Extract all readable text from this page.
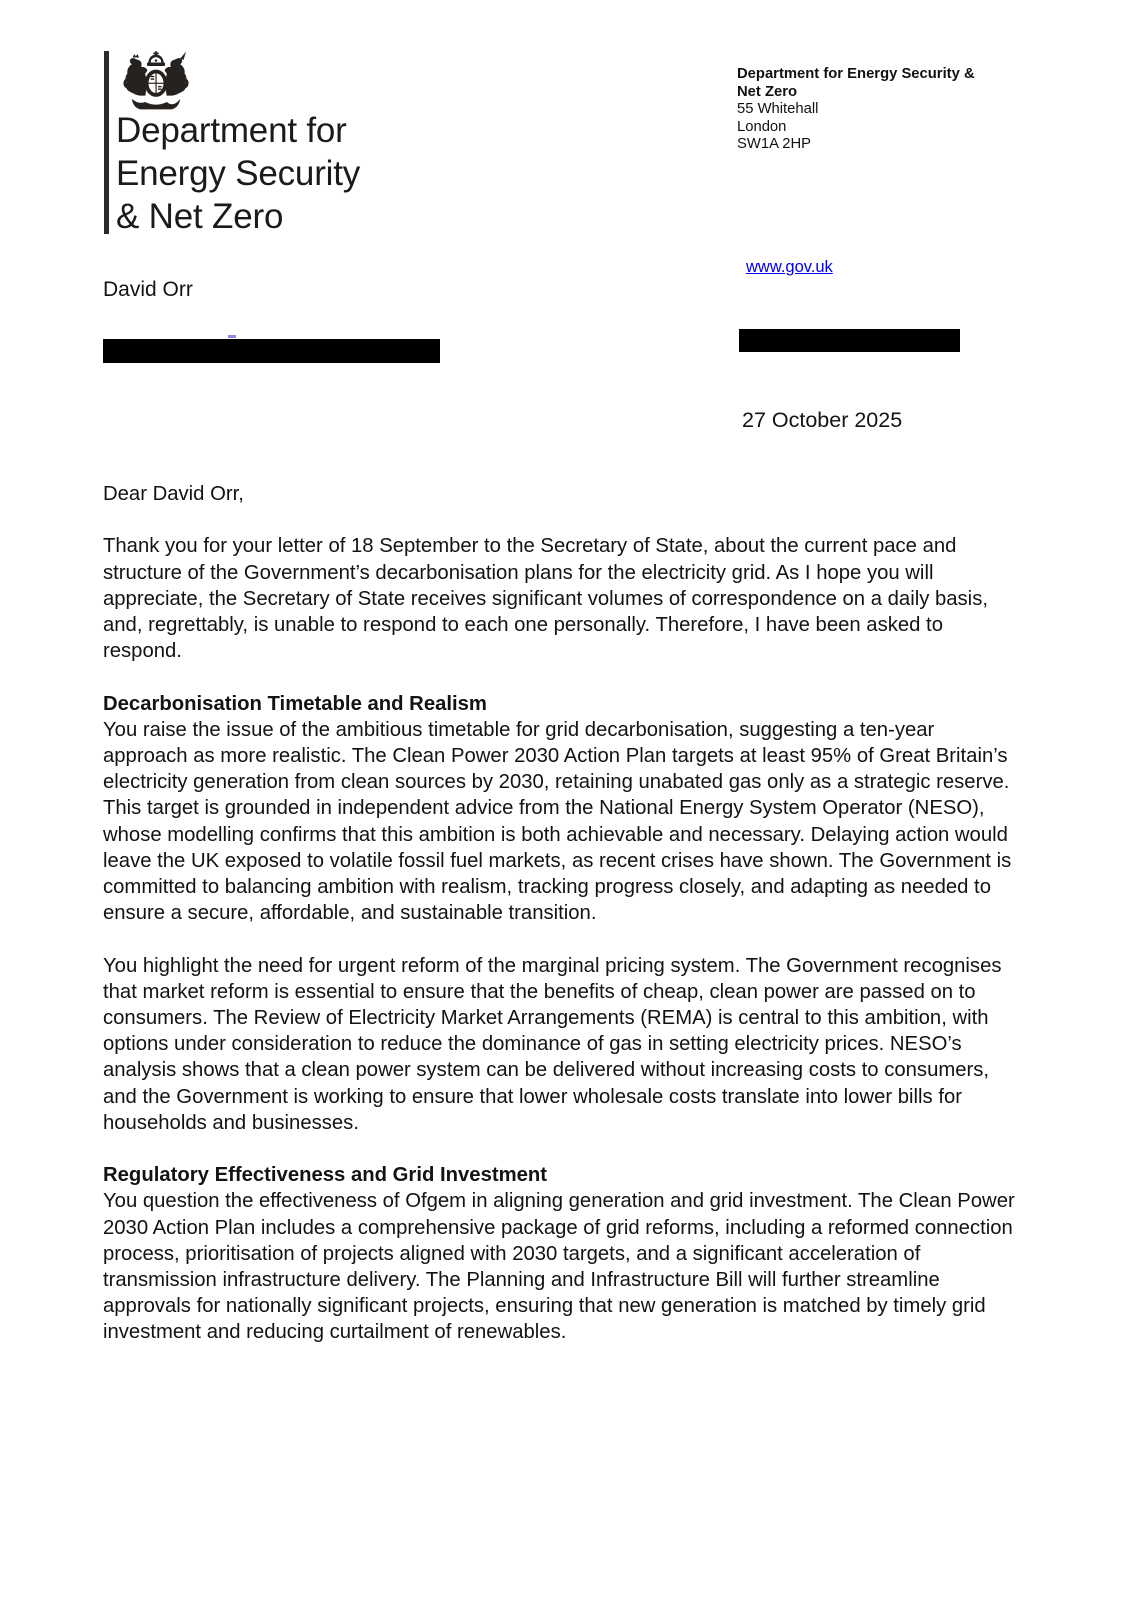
Department for
Energy Security
& Net Zero
Department for Energy Security &
Net Zero
55 Whitehall
London
SW1A 2HP
www.gov.uk
David Orr
27 October 2025

Dear David Orr,

Thank you for your letter of 18 September to the Secretary of State, about the current pace and structure of the Government’s decarbonisation plans for the electricity grid. As I hope you will appreciate, the Secretary of State receives significant volumes of correspondence on a daily basis, and, regrettably, is unable to respond to each one personally. Therefore, I have been asked to respond.

Decarbonisation Timetable and Realism

You raise the issue of the ambitious timetable for grid decarbonisation, suggesting a ten-year approach as more realistic. The Clean Power 2030 Action Plan targets at least 95% of Great Britain’s electricity generation from clean sources by 2030, retaining unabated gas only as a strategic reserve. This target is grounded in independent advice from the National Energy System Operator (NESO), whose modelling confirms that this ambition is both achievable and necessary. Delaying action would leave the UK exposed to volatile fossil fuel markets, as recent crises have shown. The Government is committed to balancing ambition with realism, tracking progress closely, and adapting as needed to ensure a secure, affordable, and sustainable transition.

You highlight the need for urgent reform of the marginal pricing system. The Government recognises that market reform is essential to ensure that the benefits of cheap, clean power are passed on to consumers. The Review of Electricity Market Arrangements (REMA) is central to this ambition, with options under consideration to reduce the dominance of gas in setting electricity prices. NESO’s analysis shows that a clean power system can be delivered without increasing costs to consumers, and the Government is working to ensure that lower wholesale costs translate into lower bills for households and businesses.

Regulatory Effectiveness and Grid Investment

You question the effectiveness of Ofgem in aligning generation and grid investment. The Clean Power 2030 Action Plan includes a comprehensive package of grid reforms, including a reformed connection process, prioritisation of projects aligned with 2030 targets, and a significant acceleration of transmission infrastructure delivery. The Planning and Infrastructure Bill will further streamline approvals for nationally significant projects, ensuring that new generation is matched by timely grid investment and reducing curtailment of renewables.
